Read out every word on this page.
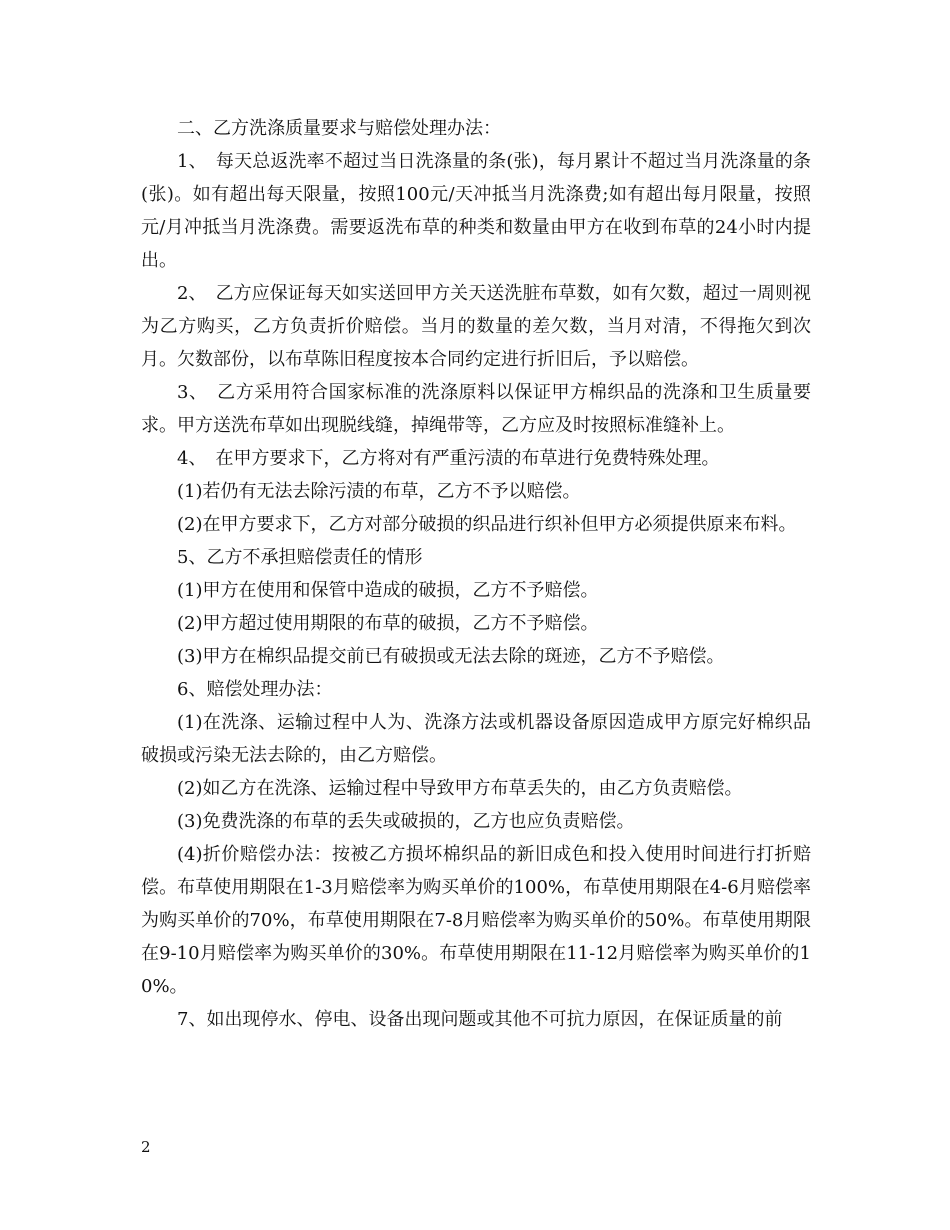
二、乙方洗涤质量要求与赔偿处理办法：

1、　每天总返洗率不超过当日洗涤量的条(张)，每月累计不超过当月洗涤量的条(张)。如有超出每天限量，按照100元/天冲抵当月洗涤费;如有超出每月限量，按照元/月冲抵当月洗涤费。需要返洗布草的种类和数量由甲方在收到布草的24小时内提出。

2、　乙方应保证每天如实送回甲方关天送洗脏布草数，如有欠数，超过一周则视为乙方购买，乙方负责折价赔偿。当月的数量的差欠数，当月对清，不得拖欠到次月。欠数部份，以布草陈旧程度按本合同约定进行折旧后，予以赔偿。

3、　乙方采用符合国家标准的洗涤原料以保证甲方棉织品的洗涤和卫生质量要求。甲方送洗布草如出现脱线缝，掉绳带等，乙方应及时按照标准缝补上。

4、　在甲方要求下，乙方将对有严重污渍的布草进行免费特殊处理。

(1)若仍有无法去除污渍的布草，乙方不予以赔偿。

(2)在甲方要求下，乙方对部分破损的织品进行织补但甲方必须提供原来布料。

5、乙方不承担赔偿责任的情形

(1)甲方在使用和保管中造成的破损，乙方不予赔偿。

(2)甲方超过使用期限的布草的破损，乙方不予赔偿。

(3)甲方在棉织品提交前已有破损或无法去除的斑迹，乙方不予赔偿。

6、赔偿处理办法：

(1)在洗涤、运输过程中人为、洗涤方法或机器设备原因造成甲方原完好棉织品破损或污染无法去除的，由乙方赔偿。

(2)如乙方在洗涤、运输过程中导致甲方布草丢失的，由乙方负责赔偿。

(3)免费洗涤的布草的丢失或破损的，乙方也应负责赔偿。

(4)折价赔偿办法：按被乙方损坏棉织品的新旧成色和投入使用时间进行打折赔偿。布草使用期限在1-3月赔偿率为购买单价的100%，布草使用期限在4-6月赔偿率为购买单价的70%，布草使用期限在7-8月赔偿率为购买单价的50%。布草使用期限在9-10月赔偿率为购买单价的30%。布草使用期限在11-12月赔偿率为购买单价的10%。

7、如出现停水、停电、设备出现问题或其他不可抗力原因，在保证质量的前

2
